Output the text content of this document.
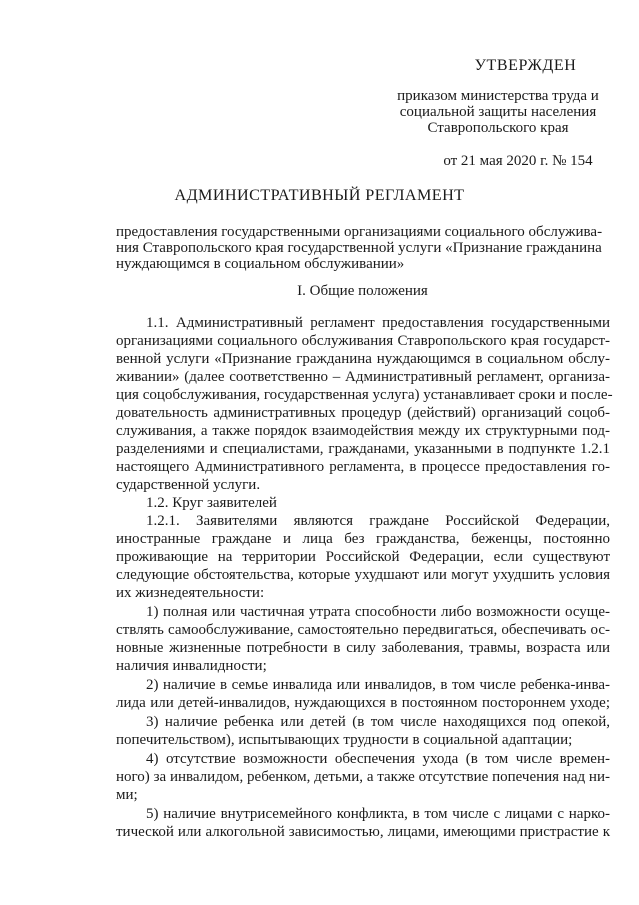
УТВЕРЖДЕН
приказом министерства труда и
социальной защиты населения
Ставропольского края
от 21 мая 2020 г. № 154
АДМИНИСТРАТИВНЫЙ РЕГЛАМЕНТ
предоставления государственными организациями социального обслужива-
ния Ставропольского края государственной услуги «Признание гражданина
нуждающимся в социальном обслуживании»
I. Общие положения
1.1. Административный регламент предоставления государственными
организациями социального обслуживания Ставропольского края государст-
венной услуги «Признание гражданина нуждающимся в социальном обслу-
живании» (далее соответственно – Административный регламент, организа-
ция соцобслуживания, государственная услуга) устанавливает сроки и после-
довательность административных процедур (действий) организаций соцоб-
служивания, а также порядок взаимодействия между их структурными под-
разделениями и специалистами, гражданами, указанными в подпункте 1.2.1
настоящего Административного регламента, в процессе предоставления го-
сударственной услуги.
1.2. Круг заявителей
1.2.1. Заявителями являются граждане Российской Федерации,
иностранные граждане и лица без гражданства, беженцы, постоянно
проживающие на территории Российской Федерации, если существуют
следующие обстоятельства, которые ухудшают или могут ухудшить условия
их жизнедеятельности:
1) полная или частичная утрата способности либо возможности осуще-
ствлять самообслуживание, самостоятельно передвигаться, обеспечивать ос-
новные жизненные потребности в силу заболевания, травмы, возраста или
наличия инвалидности;
2) наличие в семье инвалида или инвалидов, в том числе ребенка-инва-
лида или детей-инвалидов, нуждающихся в постоянном постороннем уходе;
3) наличие ребенка или детей (в том числе находящихся под опекой,
попечительством), испытывающих трудности в социальной адаптации;
4) отсутствие возможности обеспечения ухода (в том числе времен-
ного) за инвалидом, ребенком, детьми, а также отсутствие попечения над ни-
ми;
5) наличие внутрисемейного конфликта, в том числе с лицами с нарко-
тической или алкогольной зависимостью, лицами, имеющими пристрастие к
